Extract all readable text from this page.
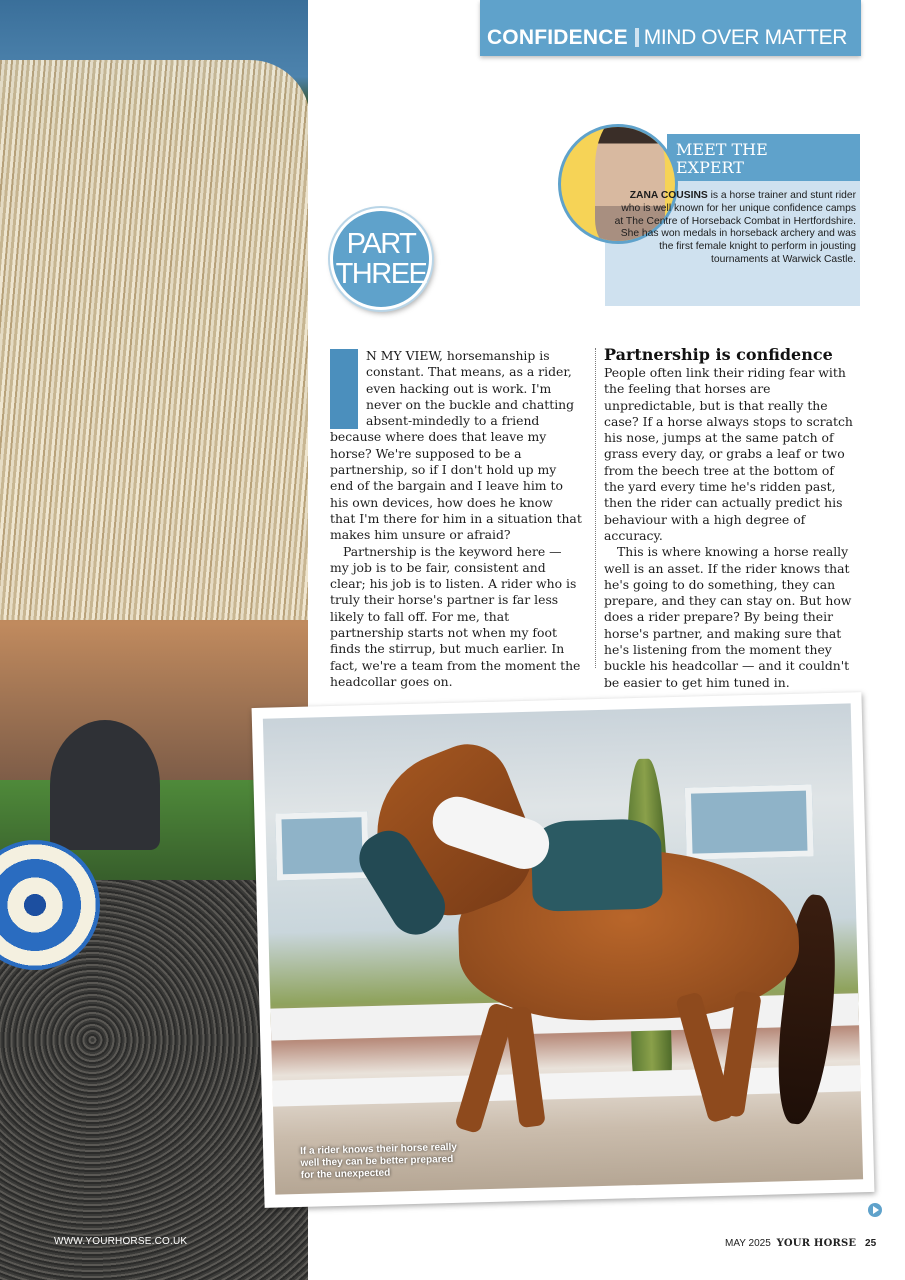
WWW.YOURHORSE.CO.UK
CONFIDENCE MIND OVER MATTER
MEET THE
EXPERT
ZANA COUSINS is a horse trainer and stunt rider who is well known for her unique confidence camps at The Centre of Horseback Combat in Hertfordshire. She has won medals in horseback archery and was the first female knight to perform in jousting tournaments at Warwick Castle.
PART
THREE
I	N MY VIEW, horsemanship is constant. That means, as a rider, even hacking out is work. I'm never on the buckle and chatting absent-mindedly to a friend because where does that leave my horse? We're supposed to be a partnership, so if I don't hold up my end of the bargain and I leave him to his own devices, how does he know that I'm there for him in a situation that makes him unsure or afraid?

Partnership is the keyword here — my job is to be fair, consistent and clear; his job is to listen. A rider who is truly their horse's partner is far less likely to fall off. For me, that partnership starts not when my foot finds the stirrup, but much earlier. In fact, we're a team from the moment the headcollar goes on.

Partnership is confidence

People often link their riding fear with the feeling that horses are unpredictable, but is that really the case? If a horse always stops to scratch his nose, jumps at the same patch of grass every day, or grabs a leaf or two from the beech tree at the bottom of the yard every time he's ridden past, then the rider can actually predict his behaviour with a high degree of accuracy.

This is where knowing a horse really well is an asset. If the rider knows that he's going to do something, they can prepare, and they can stay on. But how does a rider prepare? By being their horse's partner, and making sure that he's listening from the moment they buckle his headcollar — and it couldn't be easier to get him tuned in.

If a rider knows their horse really well they can be better prepared for the unexpected
MAY 2025 YOUR HORSE 25
